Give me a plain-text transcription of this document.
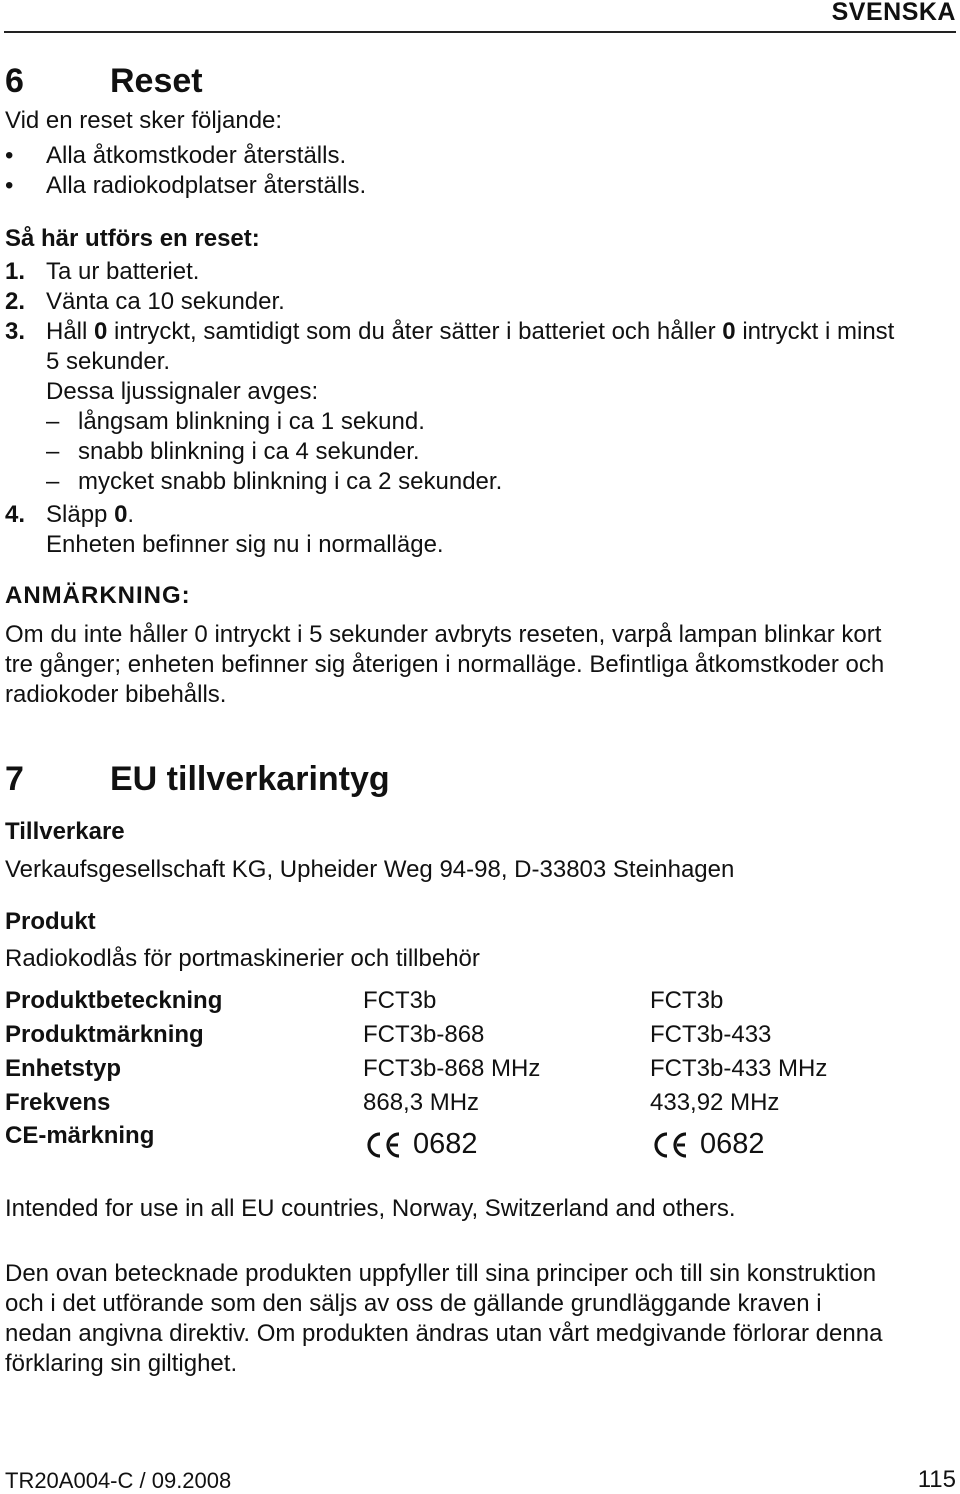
SVENSKA
6	Reset
Vid en reset sker följande:
• Alla åtkomstkoder återställs.
• Alla radiokodplatser återställs.
Så här utförs en reset:
1. Ta ur batteriet.
2. Vänta ca 10 sekunder.
3. Håll 0 intryckt, samtidigt som du åter sätter i batteriet och håller 0 intryckt i minst
5 sekunder.
Dessa ljussignaler avges:
– långsam blinkning i ca 1 sekund.
– snabb blinkning i ca 4 sekunder.
– mycket snabb blinkning i ca 2 sekunder.
4. Släpp 0.
Enheten befinner sig nu i normalläge.
ANMÄRKNING:
Om du inte håller 0 intryckt i 5 sekunder avbryts reseten, varpå lampan blinkar kort
tre gånger; enheten befinner sig återigen i normalläge. Befintliga åtkomstkoder och
radiokoder bibehålls.
7	EU tillverkarintyg
Tillverkare
Verkaufsgesellschaft KG, Upheider Weg 94-98, D-33803 Steinhagen
Produkt
Radiokodlås för portmaskinerier och tillbehör
Produktbeteckning	FCT3b	FCT3b
Produktmärkning	FCT3b-868	FCT3b-433
Enhetstyp	FCT3b-868 MHz	FCT3b-433 MHz
Frekvens	868,3 MHz	433,92 MHz
CE-märkning	0682	0682
Intended for use in all EU countries, Norway, Switzerland and others.
Den ovan betecknade produkten uppfyller till sina principer och till sin konstruktion
och i det utförande som den säljs av oss de gällande grundläggande kraven i
nedan angivna direktiv. Om produkten ändras utan vårt medgivande förlorar denna
förklaring sin giltighet.
TR20A004-C / 09.2008	115
